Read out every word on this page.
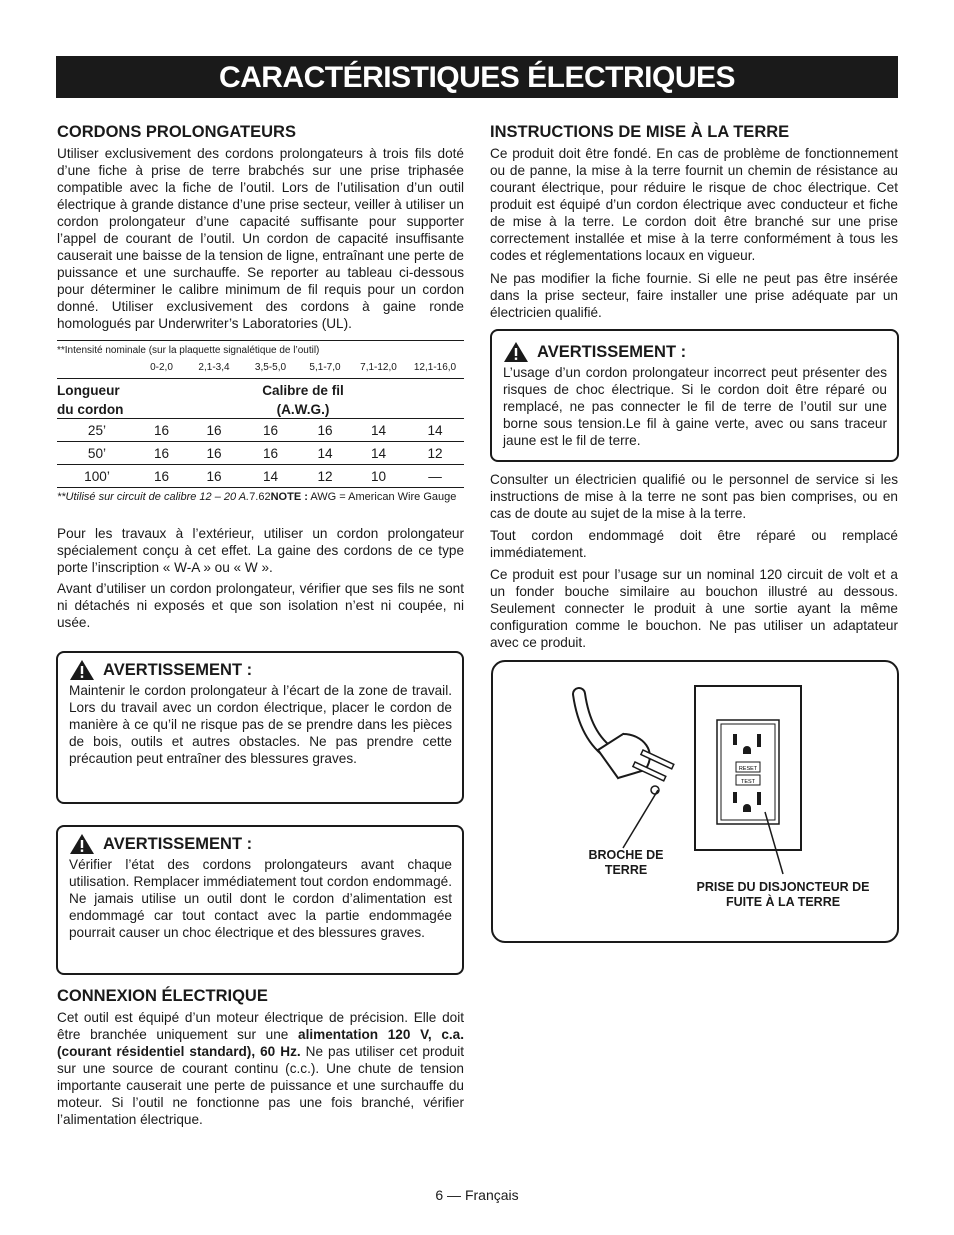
CARACTÉRISTIQUES ÉLECTRIQUES

CORDONS PROLONGATEURS

Utiliser exclusivement des cordons prolongateurs à trois fils doté d’une fiche à prise de terre brabchés sur une prise triphasée compatible avec la fiche de l’outil. Lors de l’utilisation d’un outil électrique à grande distance d’une prise secteur, veiller à utiliser un cordon prolongateur d’une capacité suffisante pour supporter l’appel de courant de l’outil. Un cordon de capacité insuffisante causerait une baisse de la tension de ligne, entraînant une perte de puissance et une surchauffe. Se reporter au tableau ci-dessous pour déterminer le calibre minimum de fil requis pour un cordon donné. Utiliser exclusivement des cordons à gaine ronde homologués par Underwriter’s Laboratories (UL).

**Intensité nominale (sur la plaquette signalétique de l’outil)
0-2,0	2,1-3,4	3,5-5,0	5,1-7,0	7,1-12,0	12,1-16,0
Longueur
du cordon
Calibre de fil
(A.W.G.)
25’	16	16	16	16	14	14
50’	16	16	16	14	14	12
100’	16	16	14	12	10	—
**Utilisé sur circuit de calibre 12 – 20 A.7.62NOTE : AWG = American Wire Gauge

Pour les travaux à l’extérieur, utiliser un cordon prolongateur spécialement conçu à cet effet. La gaine des cordons de ce type porte l’inscription « W-A » ou « W ».

Avant d’utiliser un cordon prolongateur, vérifier que ses fils ne sont ni détachés ni exposés et que son isolation n’est ni coupée, ni usée.

AVERTISSEMENT :

Maintenir le cordon prolongateur à l’écart de la zone de travail. Lors du travail avec un cordon électrique, placer le cordon de manière à ce qu’il ne risque pas de se prendre dans les pièces de bois, outils et autres obstacles. Ne pas prendre cette précaution peut entraîner des blessures graves.

AVERTISSEMENT :

Vérifier l’état des cordons prolongateurs avant chaque utilisation. Remplacer immédiatement tout cordon endommagé. Ne jamais utilise un outil dont le cordon d’alimentation est endommagé car tout contact avec la partie endommagée pourrait causer un choc électrique et des blessures graves.

CONNEXION ÉLECTRIQUE

Cet outil est équipé d’un moteur électrique de précision. Elle doit être branchée uniquement sur une alimentation 120 V, c.a. (courant résidentiel standard), 60 Hz. Ne pas utiliser cet produit sur une source de courant continu (c.c.). Une chute de tension importante causerait une perte de puissance et une surchauffe du moteur. Si l’outil ne fonctionne pas une fois branché, vérifier l’alimentation électrique.

INSTRUCTIONS DE MISE À LA TERRE

Ce produit doit être fondé. En cas de problème de fonctionnement ou de panne, la mise à la terre fournit un chemin de résistance au courant électrique, pour réduire le risque de choc électrique. Cet produit est équipé d’un cordon électrique avec conducteur et fiche de mise à la terre. Le cordon doit être branché sur une prise correctement installée et mise à la terre conformément à tous les codes et réglementations locaux en vigueur.

Ne pas modifier la fiche fournie. Si elle ne peut pas être insérée dans la prise secteur, faire installer une prise adéquate par un électricien qualifié.

AVERTISSEMENT :

L’usage d’un cordon prolongateur incorrect peut présenter des risques de choc électrique. Si le cordon doit être réparé ou remplacé, ne pas connecter le fil de terre de l’outil sur une borne sous tension.Le fil à gaine verte, avec ou sans traceur jaune est le fil de terre.

Consulter un électricien qualifié ou le personnel de service si les instructions de mise à la terre ne sont pas bien comprises, ou en cas de doute au sujet de la mise à la terre.

Tout cordon endommagé doit être réparé ou remplacé immédiatement.

Ce produit est pour l’usage sur un nominal 120 circuit de volt et a un fonder bouche similaire au bouchon illustré au dessous. Seulement connecter le produit à une sortie ayant la même configuration comme le bouchon. Ne pas utiliser un adaptateur avec ce produit.

RESET
TEST
BROCHE DE
TERRE
PRISE DU DISJONCTEUR DE
FUITE À LA TERRE
6 — Français
